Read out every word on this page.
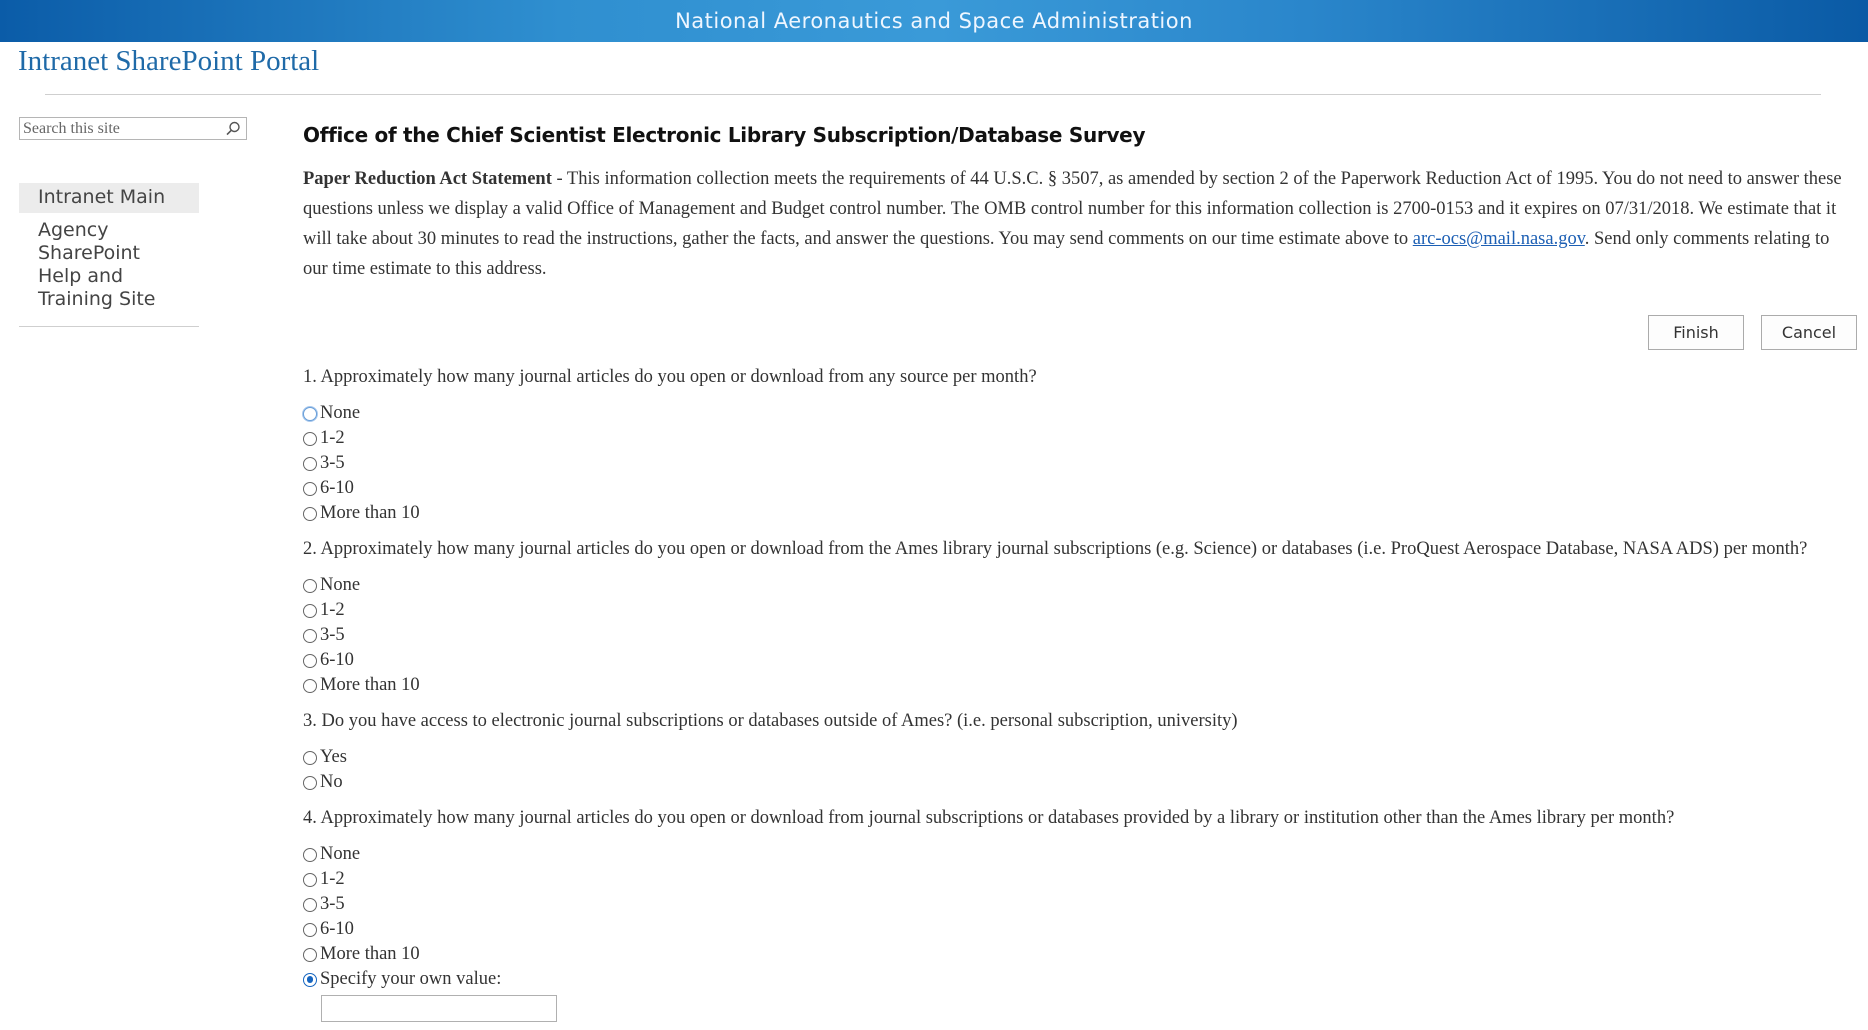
National Aeronautics and Space Administration
Intranet SharePoint Portal
Search this site
Intranet Main
Agency SharePoint Help and Training Site
Office of the Chief Scientist Electronic Library Subscription/Database Survey
Paper Reduction Act Statement - This information collection meets the requirements of 44 U.S.C. § 3507, as amended by section 2 of the Paperwork Reduction Act of 1995. You do not need to answer these questions unless we display a valid Office of Management and Budget control number. The OMB control number for this information collection is 2700-0153 and it expires on 07/31/2018. We estimate that it will take about 30 minutes to read the instructions, gather the facts, and answer the questions. You may send comments on our time estimate above to arc-ocs@mail.nasa.gov. Send only comments relating to our time estimate to this address.
Finish	Cancel
1. Approximately how many journal articles do you open or download from any source per month?
None
1-2
3-5
6-10
More than 10
2. Approximately how many journal articles do you open or download from the Ames library journal subscriptions (e.g. Science) or databases (i.e. ProQuest Aerospace Database, NASA ADS) per month?
None
1-2
3-5
6-10
More than 10
3. Do you have access to electronic journal subscriptions or databases outside of Ames? (i.e. personal subscription, university)
Yes
No
4. Approximately how many journal articles do you open or download from journal subscriptions or databases provided by a library or institution other than the Ames library per month?
None
1-2
3-5
6-10
More than 10
Specify your own value:
